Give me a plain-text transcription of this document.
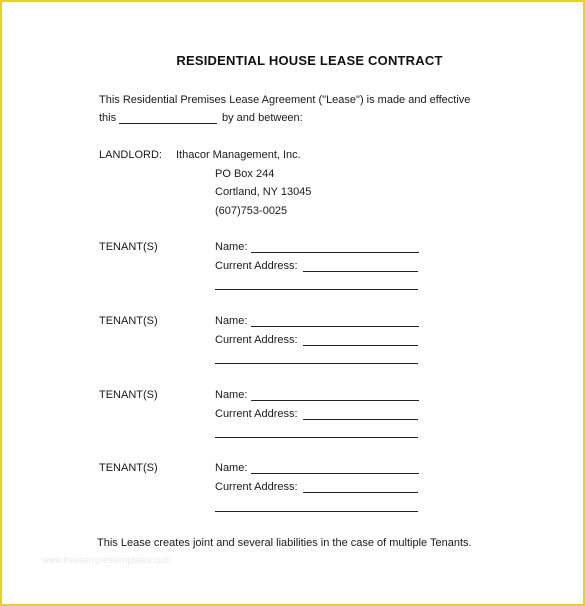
RESIDENTIAL HOUSE LEASE CONTRACT
This Residential Premises Lease Agreement ("Lease") is made and effective
this	by and between:
LANDLORD: Ithacor Management, Inc.
PO Box 244
Cortland, NY 13045
(607)753-0025
TENANT(S)	Name:
Current Address:
TENANT(S)	Name:
Current Address:
TENANT(S)	Name:
Current Address:
TENANT(S)	Name:
Current Address:
This Lease creates joint and several liabilities in the case of multiple Tenants.
www.freesamplestemplates.com
